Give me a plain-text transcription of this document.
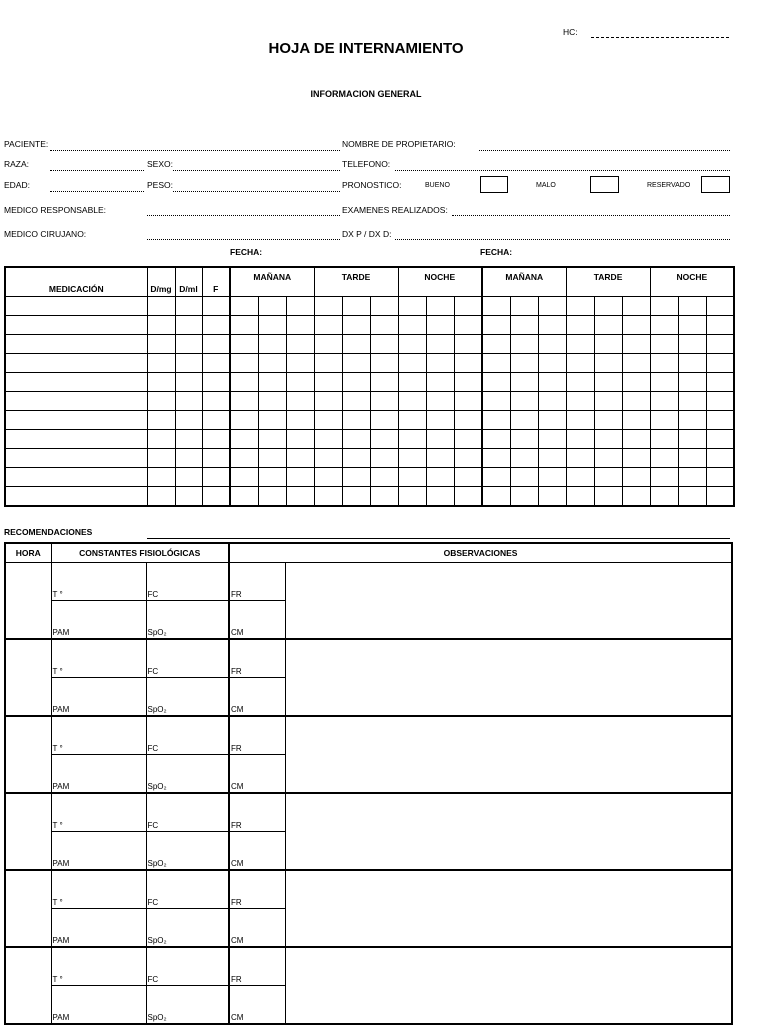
HC:
HOJA DE INTERNAMIENTO
INFORMACION GENERAL
PACIENTE:	NOMBRE DE PROPIETARIO:
RAZA:	SEXO:	TELEFONO:
EDAD:	PESO:	PRONOSTICO:	BUENO	MALO	RESERVADO
MEDICO RESPONSABLE:	EXAMENES REALIZADOS:
MEDICO CIRUJANO:	DX P / DX D:
FECHA:	FECHA:
MEDICACIÓN	D/mg	D/ml	F	MAÑANA			TARDE			NOCHE			MAÑANA			TARDE			NOCHE		

RECOMENDACIONES
HORA	CONSTANTES FISIOLÓGICAS		OBSERVACIONES	

	T °	FC	FR	

	PAM	SpO₂	CM	

	T °	FC	FR	

	PAM	SpO₂	CM	

	T °	FC	FR	

	PAM	SpO₂	CM	

	T °	FC	FR	

	PAM	SpO₂	CM	

	T °	FC	FR	

	PAM	SpO₂	CM	

	T °	FC	FR	

	PAM	SpO₂	CM	
